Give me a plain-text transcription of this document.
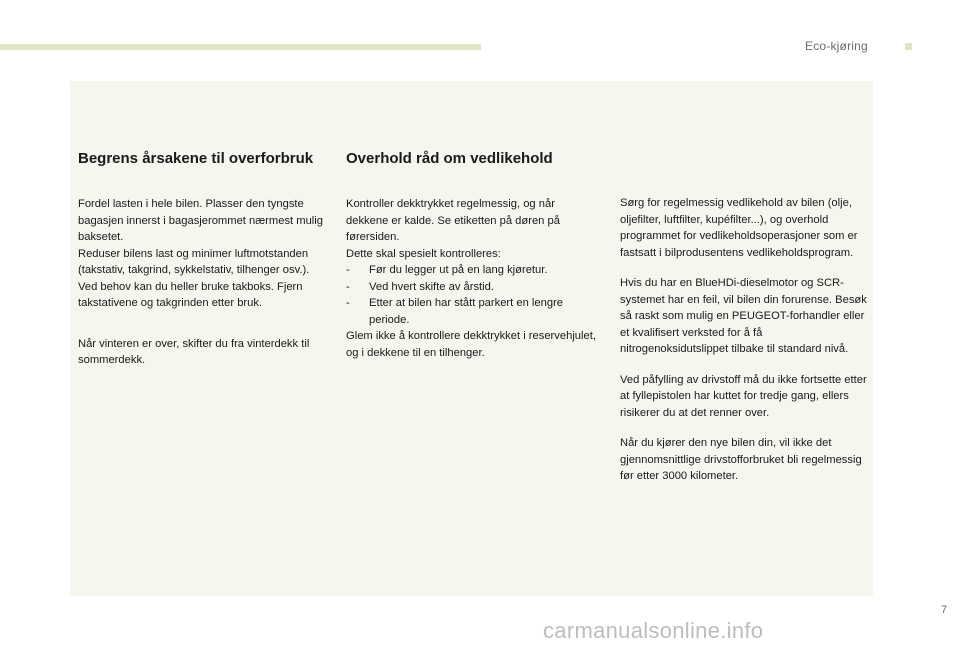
Eco-kjøring
Begrens årsakene til overforbruk

Fordel lasten i hele bilen. Plasser den tyngste bagasjen innerst i bagasjerommet nærmest mulig baksetet.

Reduser bilens last og minimer luftmotstanden (takstativ, takgrind, sykkelstativ, tilhenger osv.). Ved behov kan du heller bruke takboks. Fjern takstativene og takgrinden etter bruk.

Når vinteren er over, skifter du fra vinterdekk til sommerdekk.

Overhold råd om vedlikehold

Kontroller dekktrykket regelmessig, og når dekkene er kalde. Se etiketten på døren på førersiden.

Dette skal spesielt kontrolleres:

- Før du legger ut på en lang kjøretur.
- Ved hvert skifte av årstid.
- Etter at bilen har stått parkert en lengre periode.

Glem ikke å kontrollere dekktrykket i reservehjulet, og i dekkene til en tilhenger.

Sørg for regelmessig vedlikehold av bilen (olje, oljefilter, luftfilter, kupéfilter...), og overhold programmet for vedlikeholdsoperasjoner som er fastsatt i bilprodusentens vedlikeholdsprogram.

Hvis du har en BlueHDi-dieselmotor og SCR-systemet har en feil, vil bilen din forurense. Besøk så raskt som mulig en PEUGEOT-forhandler eller et kvalifisert verksted for å få nitrogenoksidutslippet tilbake til standard nivå.

Ved påfylling av drivstoff må du ikke fortsette etter at fyllepistolen har kuttet for tredje gang, ellers risikerer du at det renner over.

Når du kjører den nye bilen din, vil ikke det gjennomsnittlige drivstofforbruket bli regelmessig før etter 3000 kilometer.

7
carmanualsonline.info
